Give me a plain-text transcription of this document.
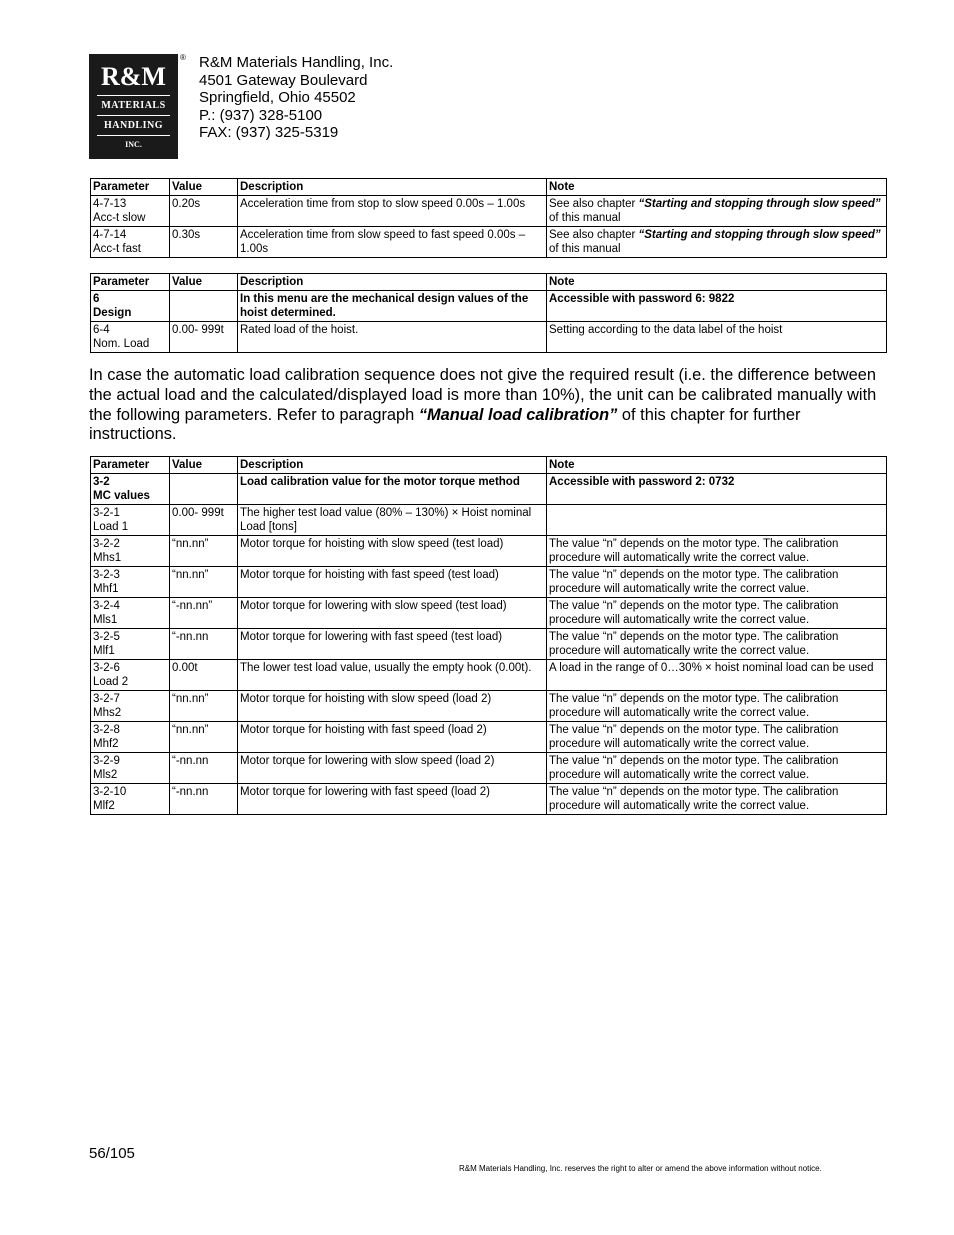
R&M
MATERIALS
HANDLING
INC.
® R&M Materials Handling, Inc.
4501 Gateway Boulevard
Springfield, Ohio 45502
P.: (937) 328-5100
FAX: (937) 325-5319
Parameter	Value	Description	Note
4-7-13
Acc-t slow	0.20s	Acceleration time from stop to slow speed 0.00s – 1.00s	See also chapter “Starting and stopping through slow speed” of this manual
4-7-14
Acc-t fast	0.30s	Acceleration time from slow speed to fast speed 0.00s – 1.00s	See also chapter “Starting and stopping through slow speed” of this manual
Parameter	Value	Description	Note
6
Design		In this menu are the mechanical design values of the hoist determined.	Accessible with password 6: 9822
6-4
Nom. Load	0.00- 999t	Rated load of the hoist.	Setting according to the data label of the hoist
In case the automatic load calibration sequence does not give the required result (i.e. the difference between the actual load and the calculated/displayed load is more than 10%), the unit can be calibrated manually with the following parameters. Refer to paragraph “Manual load calibration” of this chapter for further instructions.
Parameter	Value	Description	Note
3-2
MC values		Load calibration value for the motor torque method	Accessible with password 2: 0732
3-2-1
Load 1	0.00- 999t	The higher test load value (80% – 130%) × Hoist nominal Load [tons]	
3-2-2
Mhs1	“nn.nn”	Motor torque for hoisting with slow speed (test load)	The value “n” depends on the motor type. The calibration procedure will automatically write the correct value.
3-2-3
Mhf1	“nn.nn”	Motor torque for hoisting with fast speed (test load)	The value “n” depends on the motor type. The calibration procedure will automatically write the correct value.
3-2-4
Mls1	“-nn.nn”	Motor torque for lowering with slow speed (test load)	The value “n” depends on the motor type. The calibration procedure will automatically write the correct value.
3-2-5
Mlf1	“-nn.nn	Motor torque for lowering with fast speed (test load)	The value “n” depends on the motor type. The calibration procedure will automatically write the correct value.
3-2-6
Load 2	0.00t	The lower test load value, usually the empty hook (0.00t).	A load in the range of 0…30% × hoist nominal load can be used
3-2-7
Mhs2	“nn.nn”	Motor torque for hoisting with slow speed (load 2)	The value “n” depends on the motor type. The calibration procedure will automatically write the correct value.
3-2-8
Mhf2	“nn.nn”	Motor torque for hoisting with fast speed (load 2)	The value “n” depends on the motor type. The calibration procedure will automatically write the correct value.
3-2-9
Mls2	“-nn.nn	Motor torque for lowering with slow speed (load 2)	The value “n” depends on the motor type. The calibration procedure will automatically write the correct value.
3-2-10
Mlf2	“-nn.nn	Motor torque for lowering with fast speed (load 2)	The value “n” depends on the motor type. The calibration procedure will automatically write the correct value.
56/105
R&M Materials Handling, Inc. reserves the right to alter or amend the above information without notice.
